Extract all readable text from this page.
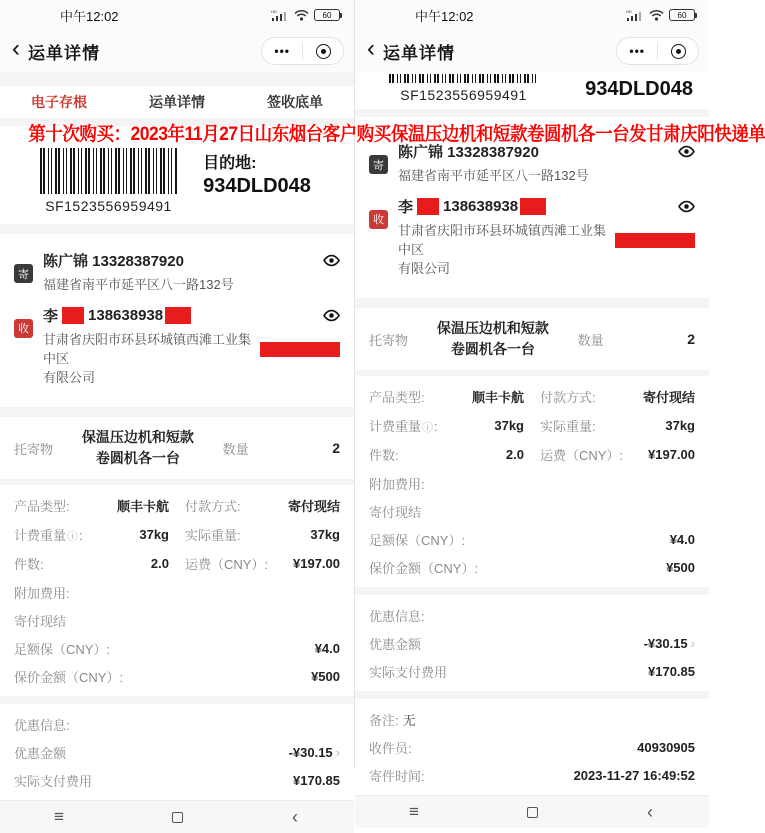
中午12:02	HD	60
‹ 运单详情	•••
电子存根	运单详情	签收底单
SF1523556959491
目的地:
934DLD048
寄
陈广锦 13328387920
福建省南平市延平区八一路132号
收
李 138638938
甘肃省庆阳市环县环城镇西滩工业集中区
有限公司
托寄物
保温压边机和短款
卷圆机各一台
数量	2
产品类型:	顺丰卡航 付款方式:	寄付现结
计费重量ⓘ:	37kg 实际重量:	37kg
件数:	2.0 运费（CNY）: ¥197.00
附加费用:
寄付现结
足额保（CNY）:	¥4.0
保价金额（CNY）:	¥500
优惠信息:
优惠金额	-¥30.15 ›
实际支付费用	¥170.85
≡	‹
中午12:02	HD	60
‹ 运单详情	•••
SF1523556959491	934DLD048
寄
陈广锦 13328387920
福建省南平市延平区八一路132号
收
李 138638938
甘肃省庆阳市环县环城镇西滩工业集中区
有限公司
托寄物
保温压边机和短款
卷圆机各一台
数量	2
产品类型:	顺丰卡航 付款方式:	寄付现结
计费重量ⓘ:	37kg 实际重量:	37kg
件数:	2.0 运费（CNY）: ¥197.00
附加费用:
寄付现结
足额保（CNY）:	¥4.0
保价金额（CNY）:	¥500
优惠信息:
优惠金额	-¥30.15 ›
实际支付费用	¥170.85
备注: 无
收件员:	40930905
寄件时间:	2023-11-27 16:49:52
≡	‹
第十次购买：2023年11月27日山东烟台客户购买保温压边机和短款卷圆机各一台发甘肃庆阳快递单
